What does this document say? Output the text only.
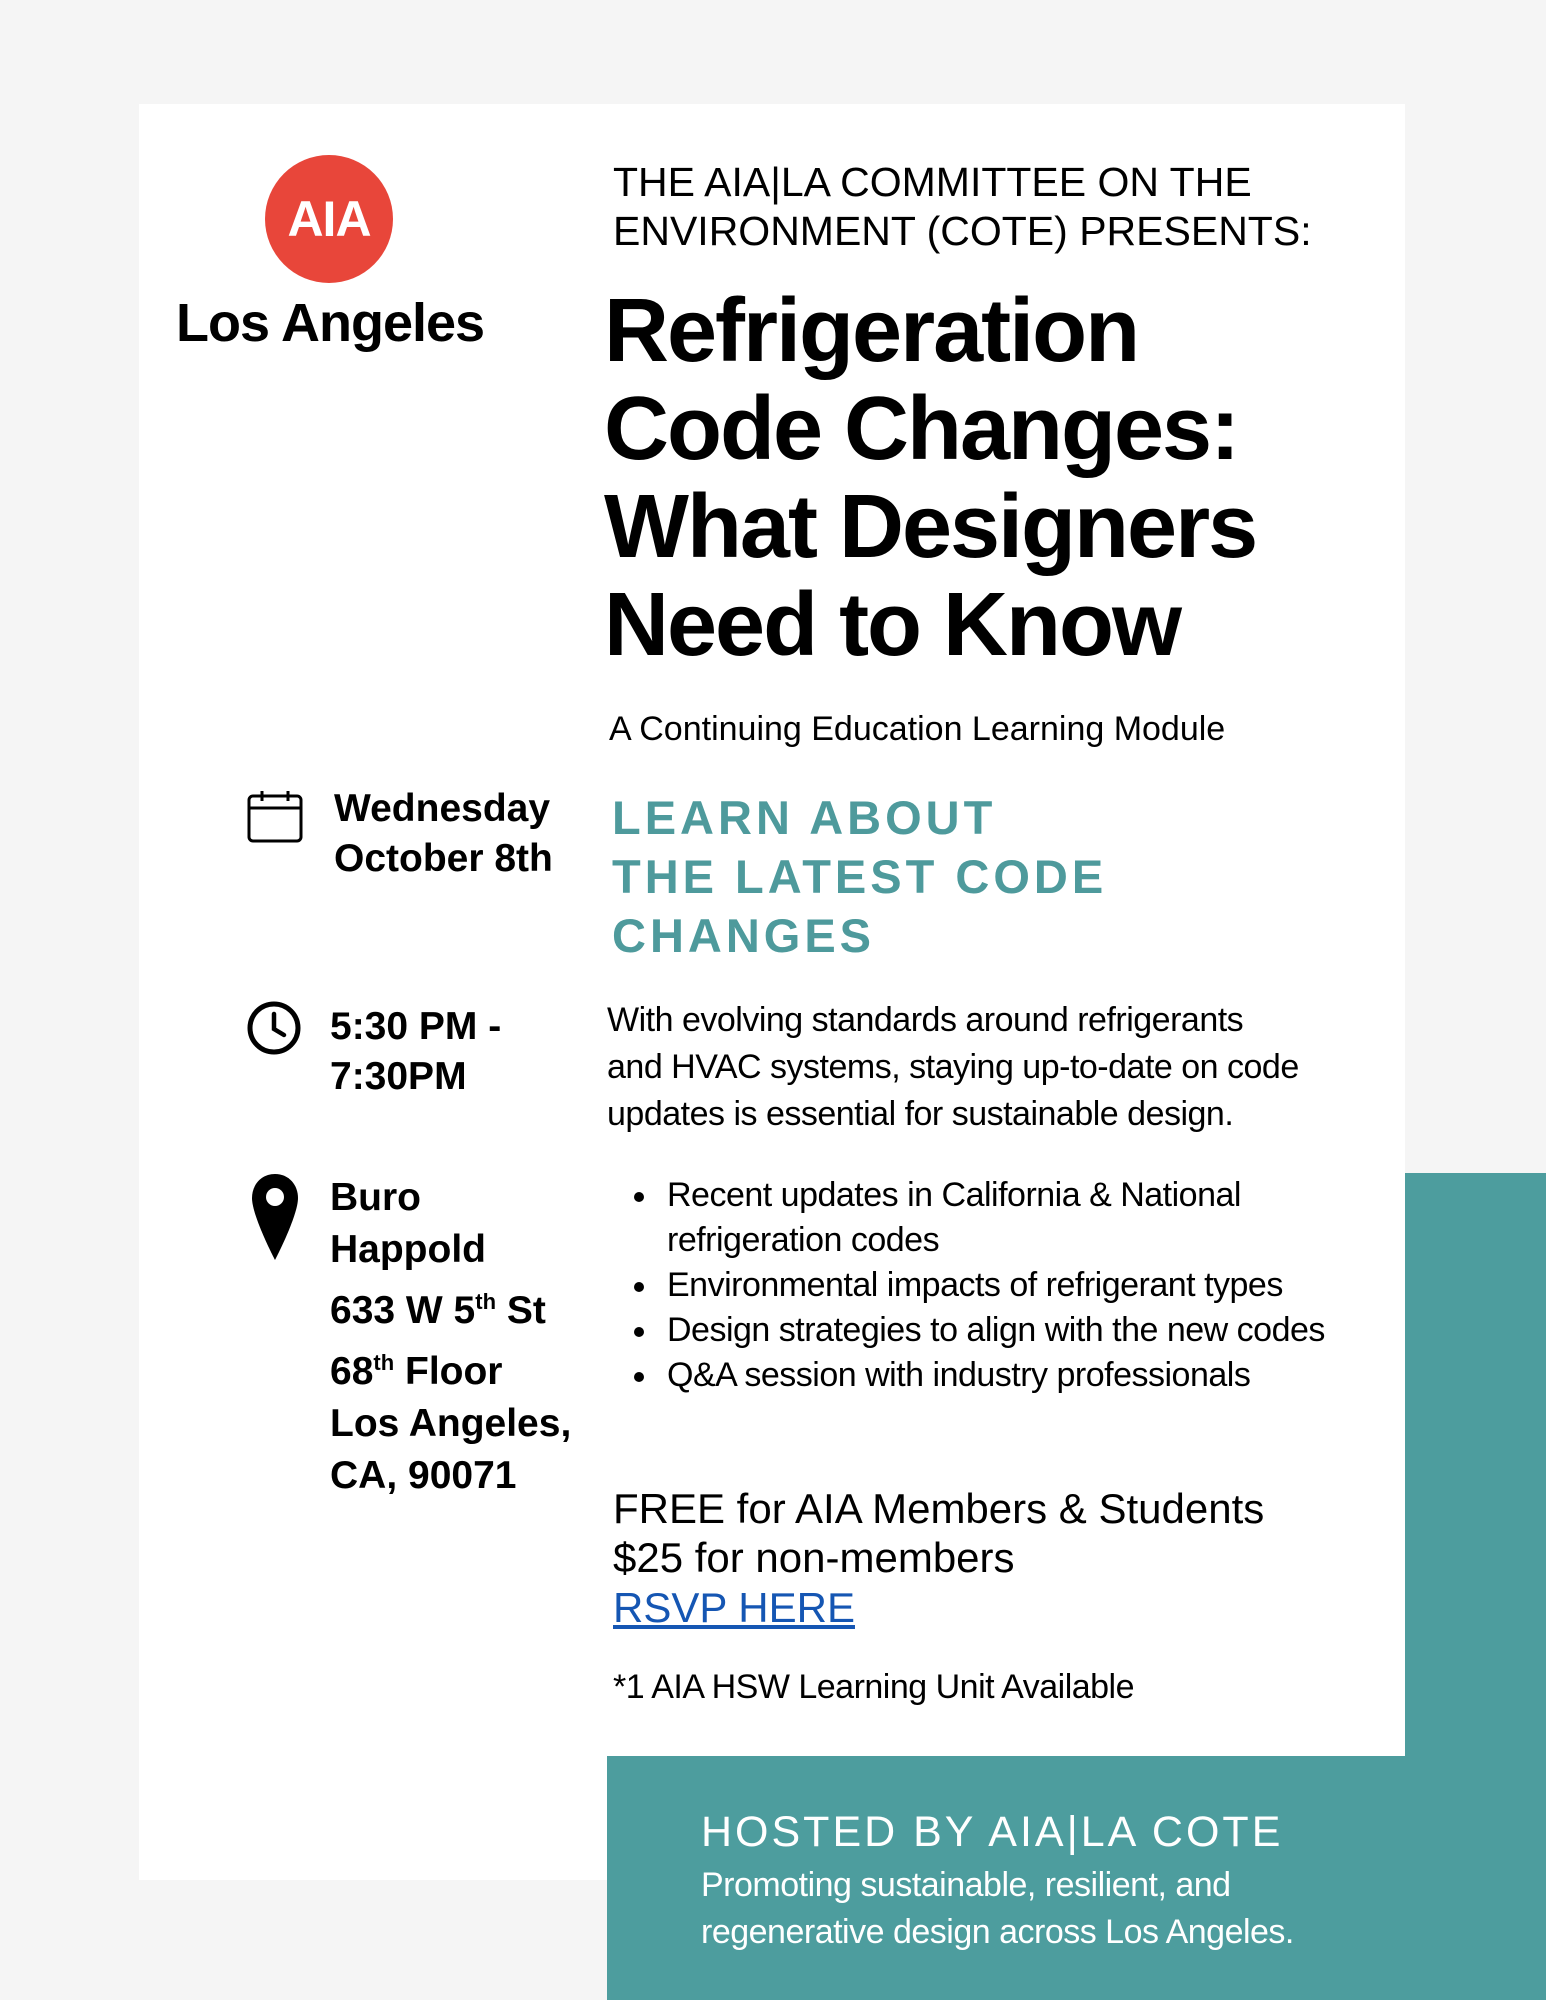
AIA
Los Angeles
THE AIA|LA COMMITTEE ON THE
ENVIRONMENT (COTE) PRESENTS:
Refrigeration
Code Changes:
What Designers
Need to Know
A Continuing Education Learning Module
LEARN ABOUT
THE LATEST CODE
CHANGES
With evolving standards around refrigerants
and HVAC systems, staying up-to-date on code
updates is essential for sustainable design.
Recent updates in California & National
refrigeration codes
Environmental impacts of refrigerant types
Design strategies to align with the new codes
Q&A session with industry professionals
FREE for AIA Members & Students
$25 for non-members
RSVP HERE
*1 AIA HSW Learning Unit Available
Wednesday
October 8th
5:30 PM -
7:30PM
Buro
Happold
633 W 5th St
68th Floor
Los Angeles,
CA, 90071
HOSTED BY AIA|LA COTE
Promoting sustainable, resilient, and
regenerative design across Los Angeles.
